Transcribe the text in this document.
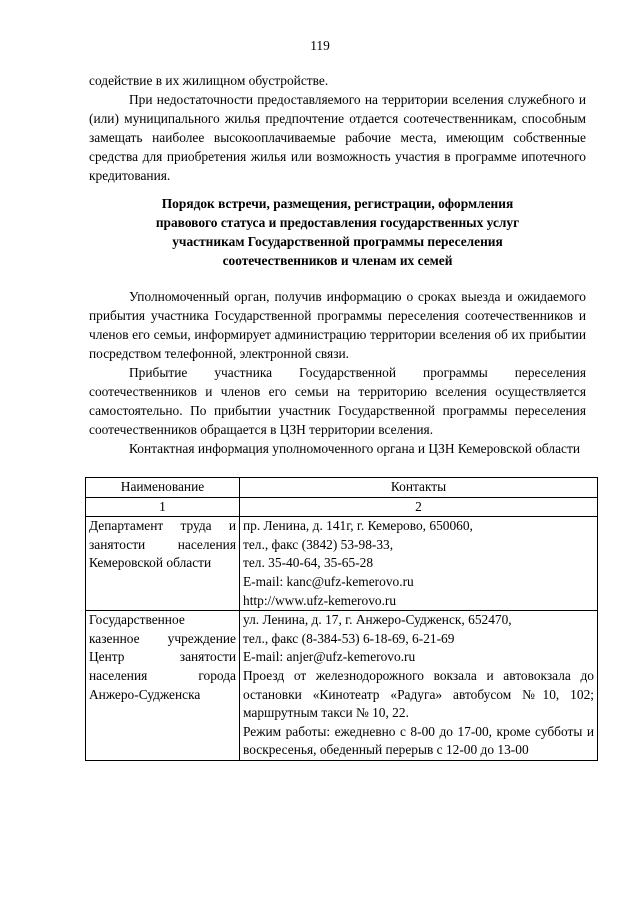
119

содействие в их жилищном обустройстве.

При недостаточности предоставляемого на территории вселения служебного и (или) муниципального жилья предпочтение отдается соотечественникам, способным замещать наиболее высокооплачиваемые рабочие места, имеющим собственные средства для приобретения жилья или возможность участия в программе ипотечного кредитования.

Порядок встречи, размещения, регистрации, оформления
правового статуса и предоставления государственных услуг
участникам Государственной программы переселения
соотечественников и членам их семей

Уполномоченный орган, получив информацию о сроках выезда и ожидаемого прибытия участника Государственной программы переселения соотечественников и членов его семьи, информирует администрацию территории вселения об их прибытии посредством телефонной, электронной связи.

Прибытие участника Государственной программы переселения соотечественников и членов его семьи на территорию вселения осуществляется самостоятельно. По прибытии участник Государственной программы переселения соотечественников обращается в ЦЗН территории вселения.

Контактная информация уполномоченного органа и ЦЗН Кемеровской области

Наименование	Контакты
1	2
Департамент труда и занятости населения Кемеровской области	пр. Ленина, д. 141г, г. Кемерово, 650060,
тел., факс (3842) 53-98-33,
тел. 35-40-64, 35-65-28
E-mail: kanc@ufz-kemerovo.ru
http://www.ufz-kemerovo.ru

Государственное казенное учреждение Центр занятости населения города Анжеро-Судженска	ул. Ленина, д. 17, г. Анжеро-Судженск, 652470,
тел., факс (8-384-53) 6-18-69, 6-21-69
E-mail: anjer@ufz-kemerovo.ru
Проезд от железнодорожного вокзала и автовокзала до остановки «Кинотеатр «Радуга» автобусом №10, 102; маршрутным такси № 10, 22.
Режим работы: ежедневно с 8-00 до 17-00, кроме субботы и воскресенья, обеденный перерыв с 12-00 до 13-00
